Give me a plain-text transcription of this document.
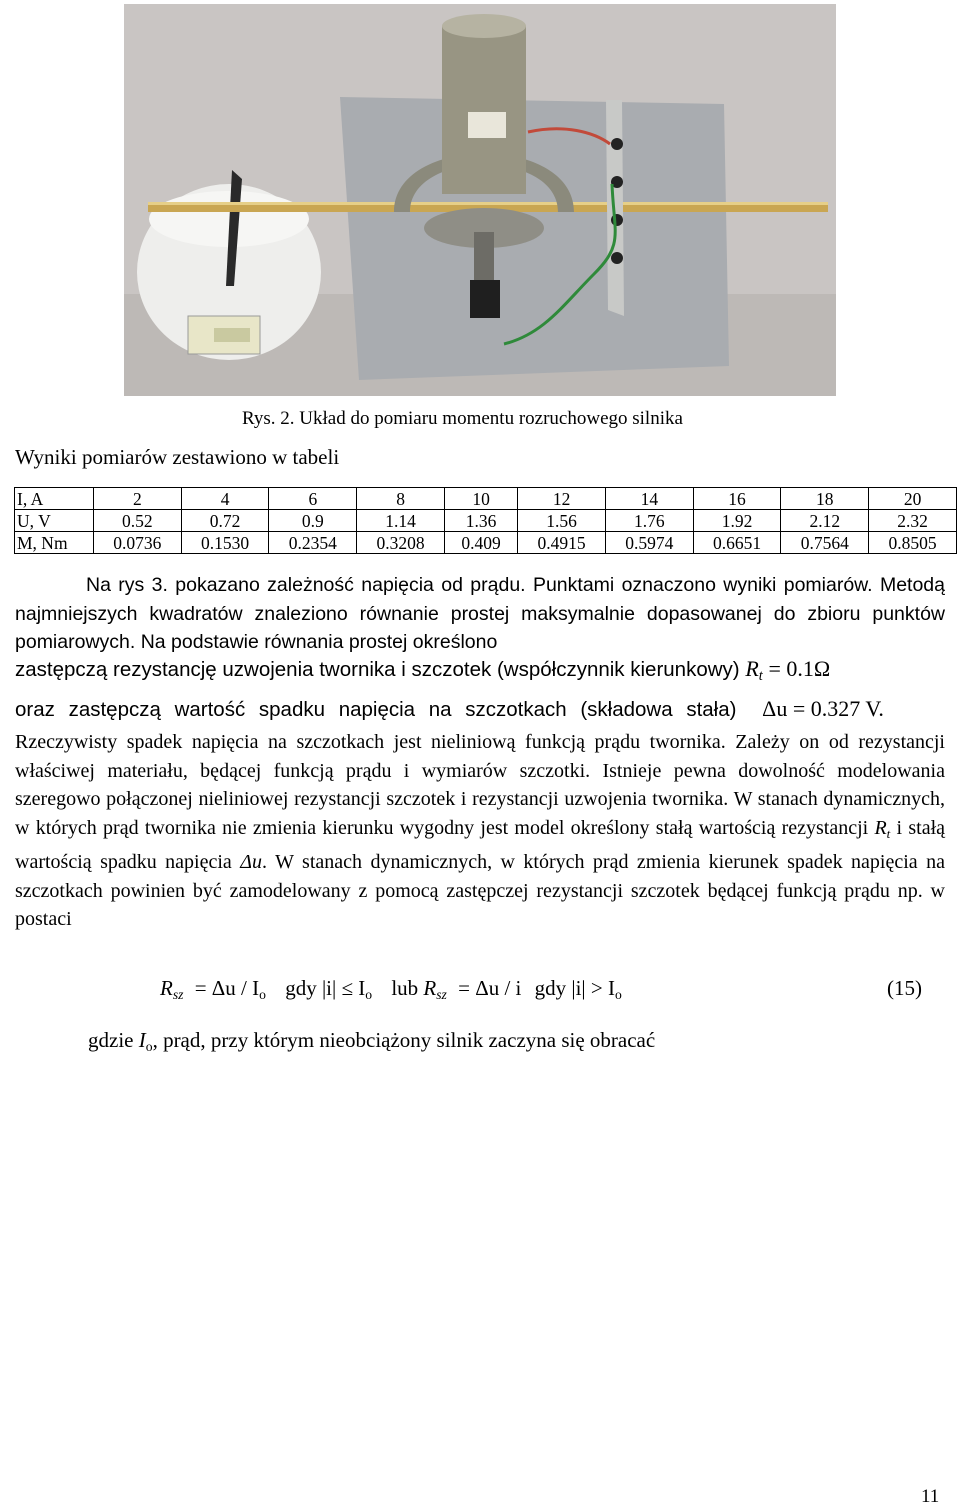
Rys. 2. Układ do pomiaru momentu rozruchowego silnika
Wyniki pomiarów zestawiono w tabeli
I, A	2	4	6	8	10	12	14	16	18	20
U, V	0.52	0.72	0.9	1.14	1.36	1.56	1.76	1.92	2.12	2.32
M, Nm	0.0736	0.1530	0.2354	0.3208	0.409	0.4915	0.5974	0.6651	0.7564	0.8505
Na rys 3. pokazano zależność napięcia od prądu. Punktami oznaczono wyniki pomiarów. Metodą najmniejszych kwadratów znaleziono równanie prostej maksymalnie dopasowanej do zbioru punktów pomiarowych. Na podstawie równania prostej określono
zastępczą rezystancję uzwojenia twornika i szczotek (współczynnik kierunkowy) $R_t = 0.1\Omega$
oraz zastępczą wartość spadku napięcia na szczotkach (składowa stała) Δu = 0.327 V.
Rzeczywisty spadek napięcia na szczotkach jest nieliniową funkcją prądu twornika. Zależy on od rezystancji właściwej materiału, będącej funkcją prądu i wymiarów szczotki. Istnieje pewna dowolność modelowania szeregowo połączonej nieliniowej rezystancji szczotek i rezystancji uzwojenia twornika. W stanach dynamicznych, w których prąd twornika nie zmienia kierunku wygodny jest model określony stałą wartością rezystancji $R_t$ i stałą wartością spadku napięcia Δu. W stanach dynamicznych, w których prąd zmienia kierunek spadek napięcia na szczotkach powinien być zamodelowany z pomocą zastępczej rezystancji szczotek będącej funkcją prądu np. w postaci
$R_{sz} = \Delta u / I_o$ gdy $|i| \le I_o$ lub $R_{sz} = \Delta u / i$ gdy $|i| > I_o$	(15)
gdzie $I_o$, prąd, przy którym nieobciążony silnik zaczyna się obracać
11
